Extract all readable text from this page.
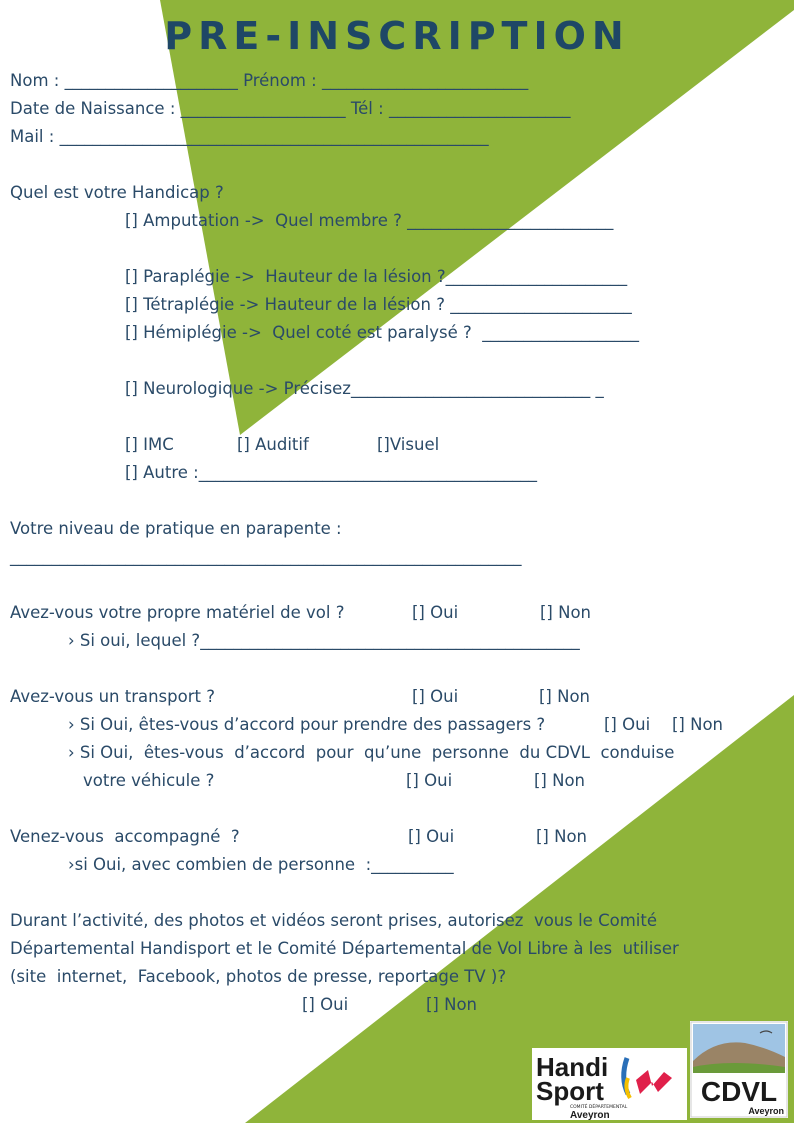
PRE-INSCRIPTION
Nom : _____________________ Prénom : _________________________
Date de Naissance : ____________________ Tél : ______________________
Mail : ____________________________________________________
Quel est votre Handicap ?
[] Amputation ->  Quel membre ? _________________________
[] Paraplégie ->  Hauteur de la lésion ?______________________
[] Tétraplégie -> Hauteur de la lésion ? ______________________
[] Hémiplégie ->  Quel coté est paralysé ?  ___________________
[] Neurologique -> Précisez_____________________________ _
[] IMC	[] Auditif	[]Visuel
[] Autre :_________________________________________
Votre niveau de pratique en parapente :
______________________________________________________________
Avez-vous votre propre matériel de vol ?	[] Oui	[] Non
› Si oui, lequel ?______________________________________________
Avez-vous un transport ?	[] Oui	[] Non
› Si Oui, êtes-vous d’accord pour prendre des passagers ?	[] Oui [] Non
› Si Oui,  êtes-vous  d’accord  pour  qu’une  personne  du CDVL  conduise
votre véhicule ?	[] Oui	[] Non
Venez-vous  accompagné  ?	[] Oui	[] Non
›si Oui, avec combien de personne  :__________
Durant l’activité, des photos et vidéos seront prises, autorisez  vous le Comité
Départemental Handisport et le Comité Départemental de Vol Libre à les  utiliser
(site  internet,  Facebook, photos de presse, reportage TV )?
[] Oui	[] Non
Handi
Sport
COMITÉ DÉPARTEMENTAL
Aveyron
CDVL
Aveyron
